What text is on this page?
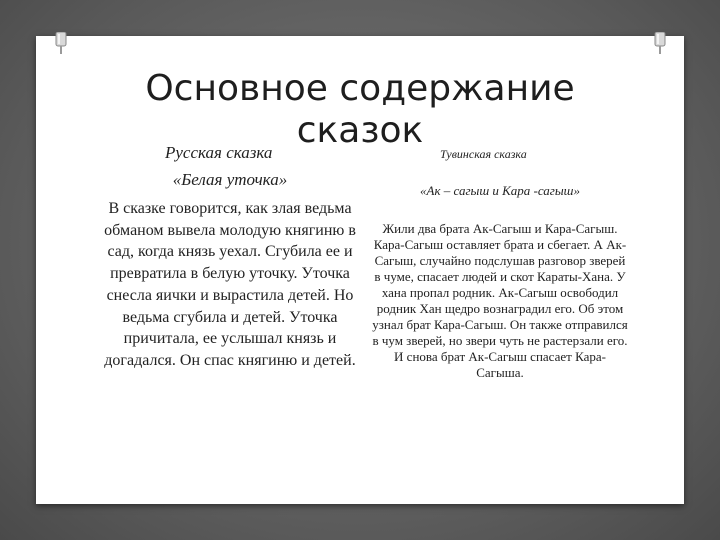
Основное содержание
сказок
Русская сказка	Тувинская сказка
«Белая уточка»
«Ак – сагыш и Кара -сагыш»
В сказке говорится, как злая ведьма обманом вывела молодую княгиню в сад, когда князь уехал. Сгубила ее и превратила в белую уточку. Уточка снесла яички и вырастила детей. Но ведьма сгубила и детей. Уточка причитала, ее услышал князь и догадался. Он спас княгиню и детей.
Жили два брата Ак-Сагыш и Кара-Сагыш. Кара-Сагыш оставляет брата и сбегает. А Ак-Сагыш, случайно подслушав разговор зверей в чуме, спасает людей и скот Караты-Хана. У хана пропал родник. Ак-Сагыш освободил родник Хан щедро вознаградил его. Об этом узнал брат Кара-Сагыш. Он также отправился в чум зверей, но звери чуть не растерзали его. И снова брат Ак-Сагыш спасает Кара-Сагыша.
